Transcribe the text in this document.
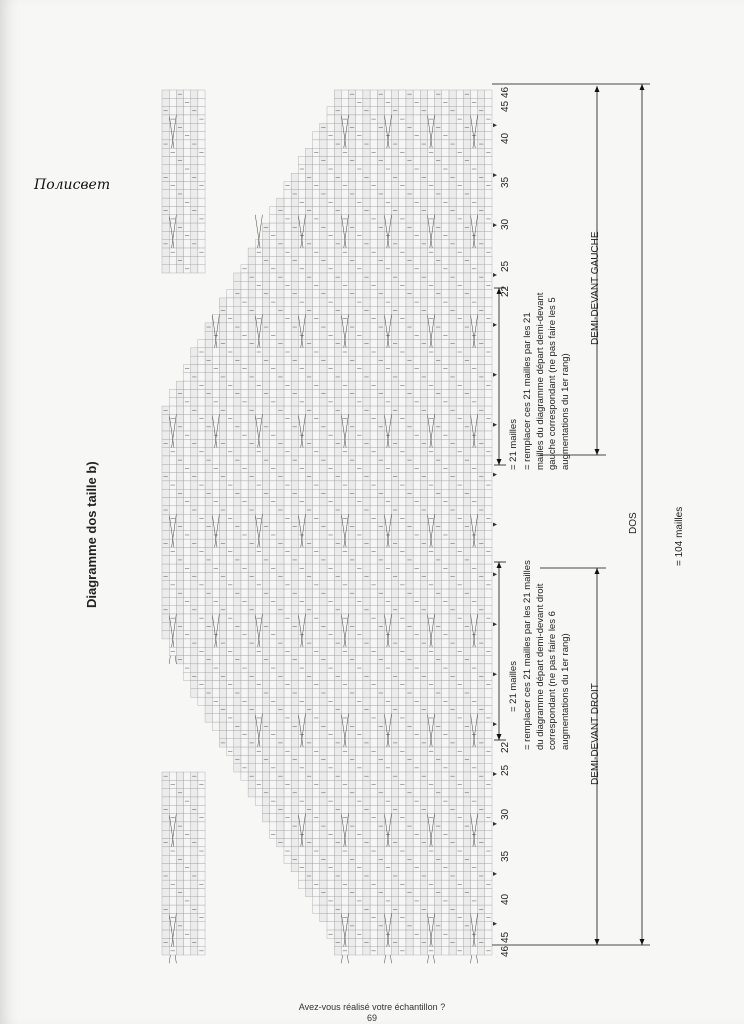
Полисвет
Diagramme dos taille b)
= 21 mailles = remplacer ces 21 mailles par les 21 mailles du diagramme départ demi-devant gauche correspondant (ne pas faire les 5 augmentations du 1er rang)
= 21 mailles = remplacer ces 21 mailles par les 21 mailles du diagramme départ demi-devant droit correspondant (ne pas faire les 6 augmentations du 1er rang)
DEMI-DEVANT GAUCHE
DEMI-DEVANT DROIT
DOS	= 104 mailles
46
45
40
35
30
25
22
22
25
30
35
40
45
46
Avez-vous réalisé votre échantillon ?
69
